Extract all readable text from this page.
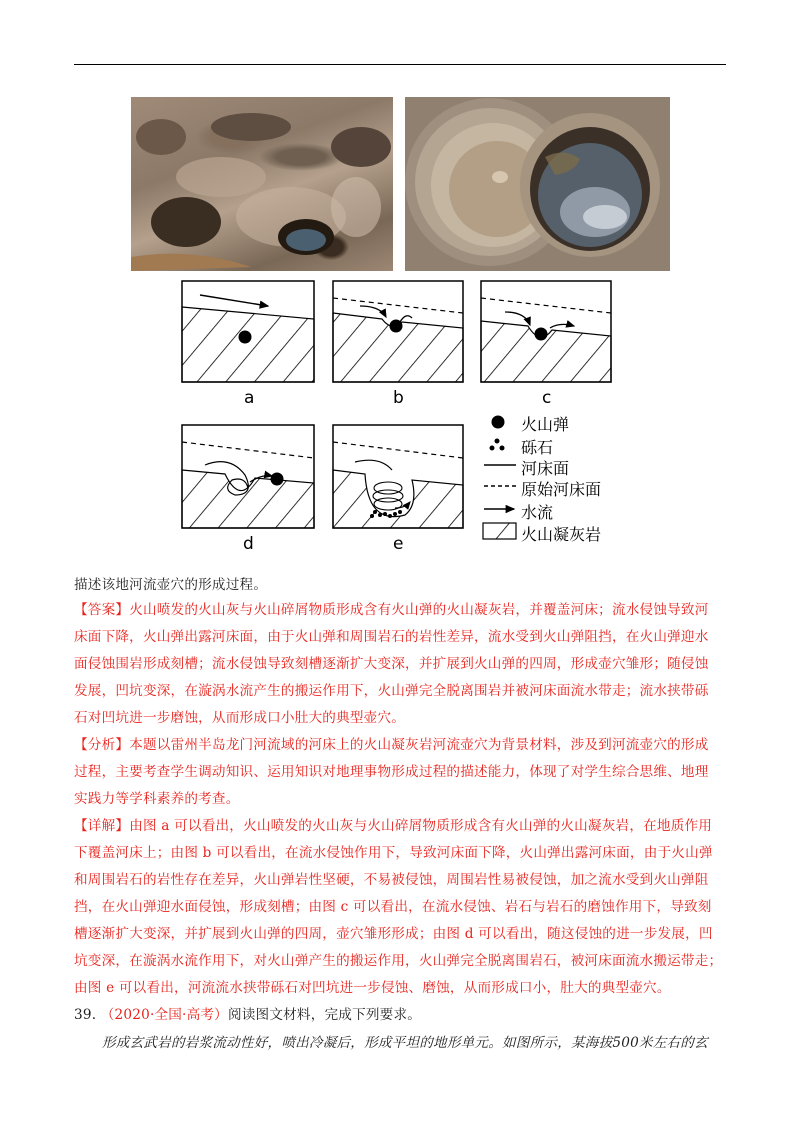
a	b	c
d	e
火山弹
砾石
河床面
原始河床面
水流
火山凝灰岩
描述该地河流壶穴的形成过程。
【答案】火山喷发的火山灰与火山碎屑物质形成含有火山弹的火山凝灰岩，并覆盖河床；流水侵蚀导致河
床面下降，火山弹出露河床面，由于火山弹和周围岩石的岩性差异，流水受到火山弹阻挡，在火山弹迎水
面侵蚀围岩形成刻槽；流水侵蚀导致刻槽逐渐扩大变深，并扩展到火山弹的四周，形成壶穴雏形；随侵蚀
发展，凹坑变深，在漩涡水流产生的搬运作用下，火山弹完全脱离围岩并被河床面流水带走；流水挟带砾
石对凹坑进一步磨蚀，从而形成口小肚大的典型壶穴。
【分析】本题以雷州半岛龙门河流域的河床上的火山凝灰岩河流壶穴为背景材料，涉及到河流壶穴的形成
过程，主要考查学生调动知识、运用知识对地理事物形成过程的描述能力，体现了对学生综合思维、地理
实践力等学科素养的考查。
【详解】由图 a 可以看出，火山喷发的火山灰与火山碎屑物质形成含有火山弹的火山凝灰岩，在地质作用
下覆盖河床上；由图 b 可以看出，在流水侵蚀作用下，导致河床面下降，火山弹出露河床面，由于火山弹
和周围岩石的岩性存在差异，火山弹岩性坚硬，不易被侵蚀，周围岩性易被侵蚀，加之流水受到火山弹阻
挡，在火山弹迎水面侵蚀，形成刻槽；由图 c 可以看出，在流水侵蚀、岩石与岩石的磨蚀作用下，导致刻
槽逐渐扩大变深，并扩展到火山弹的四周，壶穴雏形形成；由图 d 可以看出，随这侵蚀的进一步发展，凹
坑变深，在漩涡水流作用下，对火山弹产生的搬运作用，火山弹完全脱离围岩石，被河床面流水搬运带走；
由图 e 可以看出，河流流水挟带砾石对凹坑进一步侵蚀、磨蚀，从而形成口小，肚大的典型壶穴。
39. （2020·全国·高考）阅读图文材料，完成下列要求。
形成玄武岩的岩浆流动性好，喷出冷凝后，形成平坦的地形单元。如图所示，某海拔500米左右的玄
